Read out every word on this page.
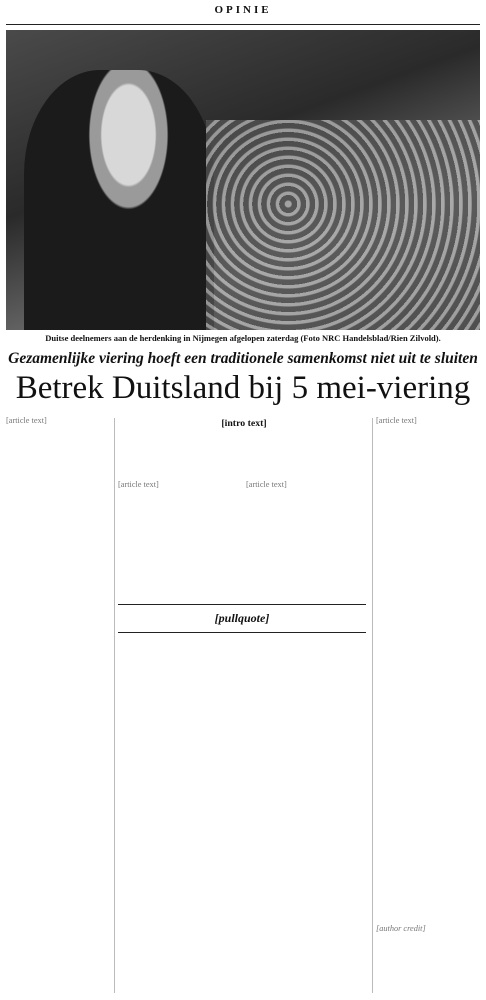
OPINIE
Duitse deelnemers aan de herdenking in Nijmegen afgelopen zaterdag (Foto NRC Handelsblad/Rien Zilvold).
Gezamenlijke viering hoeft een traditionele samenkomst niet uit te sluiten
Betrek Duitsland bij 5 mei-viering
[intro text]

[article text]

[article text]	[article text]

[pullquote]

[article text]

[author credit]
